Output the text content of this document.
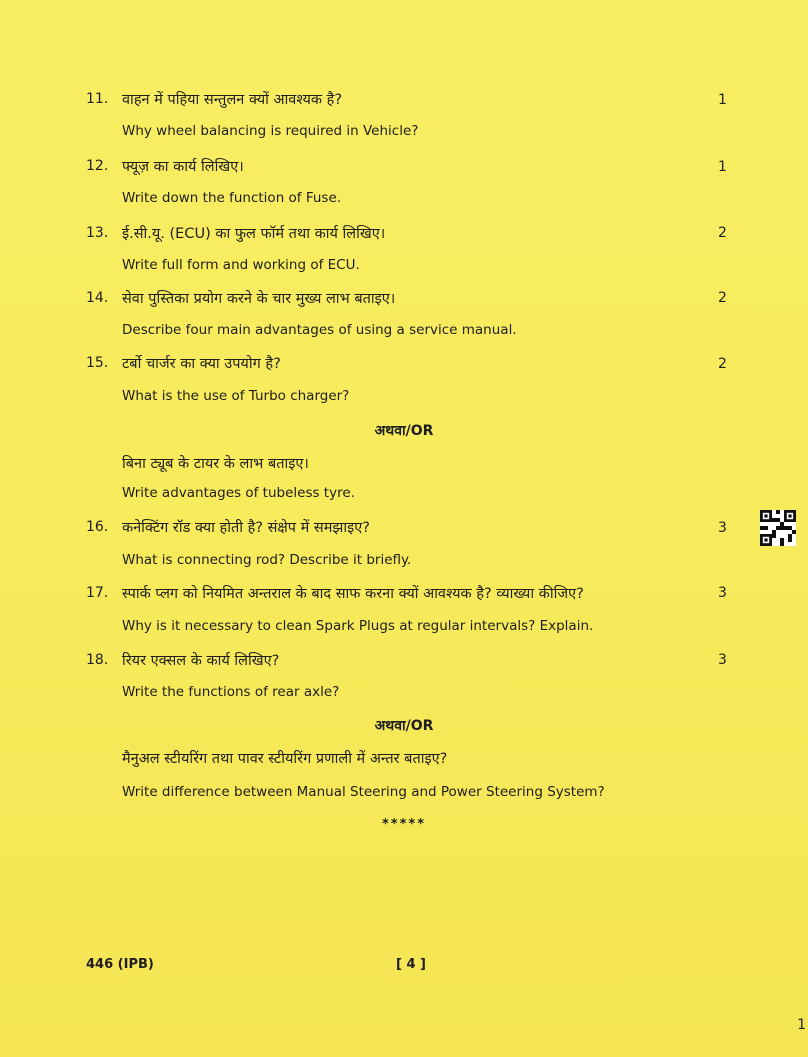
11. वाहन में पहिया सन्तुलन क्यों आवश्यक है?	1
Why wheel balancing is required in Vehicle?
12. फ्यूज़ का कार्य लिखिए।	1
Write down the function of Fuse.
13. ई.सी.यू. (ECU) का फुल फॉर्म तथा कार्य लिखिए।	2
Write full form and working of ECU.
14. सेवा पुस्तिका प्रयोग करने के चार मुख्य लाभ बताइए।	2
Describe four main advantages of using a service manual.
15. टर्बो चार्जर का क्या उपयोग है?	2
What is the use of Turbo charger?
अथवा/OR
बिना ट्यूब के टायर के लाभ बताइए।
Write advantages of tubeless tyre.
16. कनेक्टिंग रॉड क्या होती है? संक्षेप में समझाइए?	3
What is connecting rod? Describe it briefly.
17. स्पार्क प्लग को नियमित अन्तराल के बाद साफ करना क्यों आवश्यक है? व्याख्या कीजिए?	3
Why is it necessary to clean Spark Plugs at regular intervals? Explain.
18. रियर एक्सल के कार्य लिखिए?	3
Write the functions of rear axle?
अथवा/OR
मैनुअल स्टीयरिंग तथा पावर स्टीयरिंग प्रणाली में अन्तर बताइए?
Write difference between Manual Steering and Power Steering System?
*****
446 (IPB)	[ 4 ]
1
